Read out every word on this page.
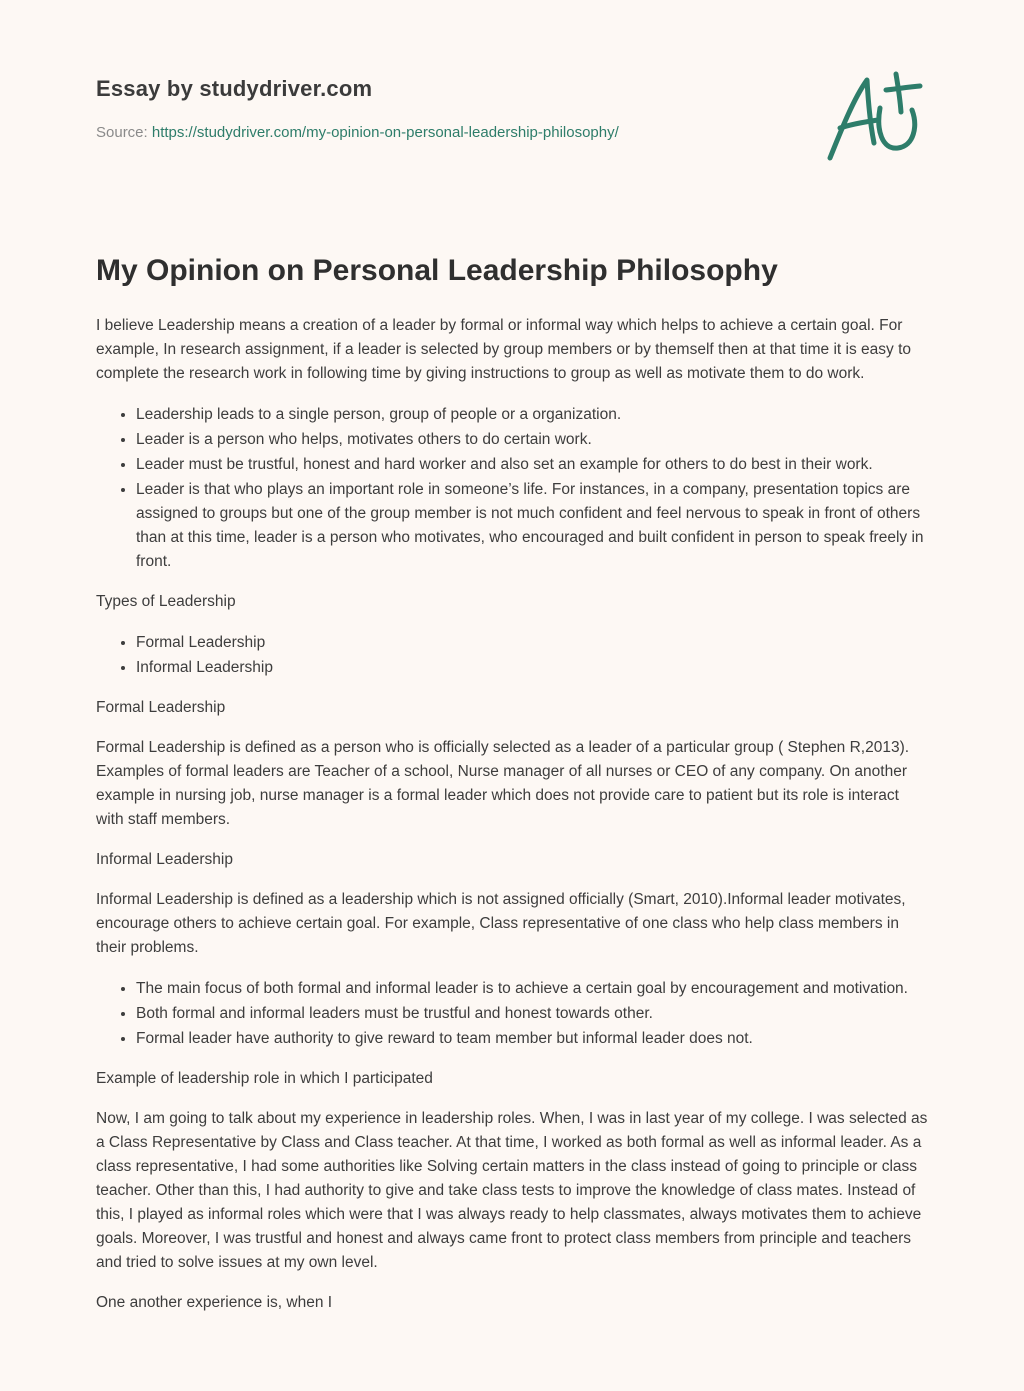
Essay by studydriver.com
Source: https://studydriver.com/my-opinion-on-personal-leadership-philosophy/
My Opinion on Personal Leadership Philosophy

I believe Leadership means a creation of a leader by formal or informal way which helps to achieve a certain goal. For example, In research assignment, if a leader is selected by group members or by themself then at that time it is easy to complete the research work in following time by giving instructions to group as well as motivate them to do work.

• Leadership leads to a single person, group of people or a organization.
• Leader is a person who helps, motivates others to do certain work.
• Leader must be trustful, honest and hard worker and also set an example for others to do best in their work.
• Leader is that who plays an important role in someone’s life. For instances, in a company, presentation topics are assigned to groups but one of the group member is not much confident and feel nervous to speak in front of others than at this time, leader is a person who motivates, who encouraged and built confident in person to speak freely in front.

Types of Leadership

• Formal Leadership
• Informal Leadership

Formal Leadership

Formal Leadership is defined as a person who is officially selected as a leader of a particular group ( Stephen R,2013). Examples of formal leaders are Teacher of a school, Nurse manager of all nurses or CEO of any company. On another example in nursing job, nurse manager is a formal leader which does not provide care to patient but its role is interact with staff members.

Informal Leadership

Informal Leadership is defined as a leadership which is not assigned officially (Smart, 2010).Informal leader motivates, encourage others to achieve certain goal. For example, Class representative of one class who help class members in their problems.

• The main focus of both formal and informal leader is to achieve a certain goal by encouragement and motivation.
• Both formal and informal leaders must be trustful and honest towards other.
• Formal leader have authority to give reward to team member but informal leader does not.

Example of leadership role in which I participated

Now, I am going to talk about my experience in leadership roles. When, I was in last year of my college. I was selected as a Class Representative by Class and Class teacher. At that time, I worked as both formal as well as informal leader. As a class representative, I had some authorities like Solving certain matters in the class instead of going to principle or class teacher. Other than this, I had authority to give and take class tests to improve the knowledge of class mates. Instead of this, I played as informal roles which were that I was always ready to help classmates, always motivates them to achieve goals. Moreover, I was trustful and honest and always came front to protect class members from principle and teachers and tried to solve issues at my own level.

One another experience is, when I
